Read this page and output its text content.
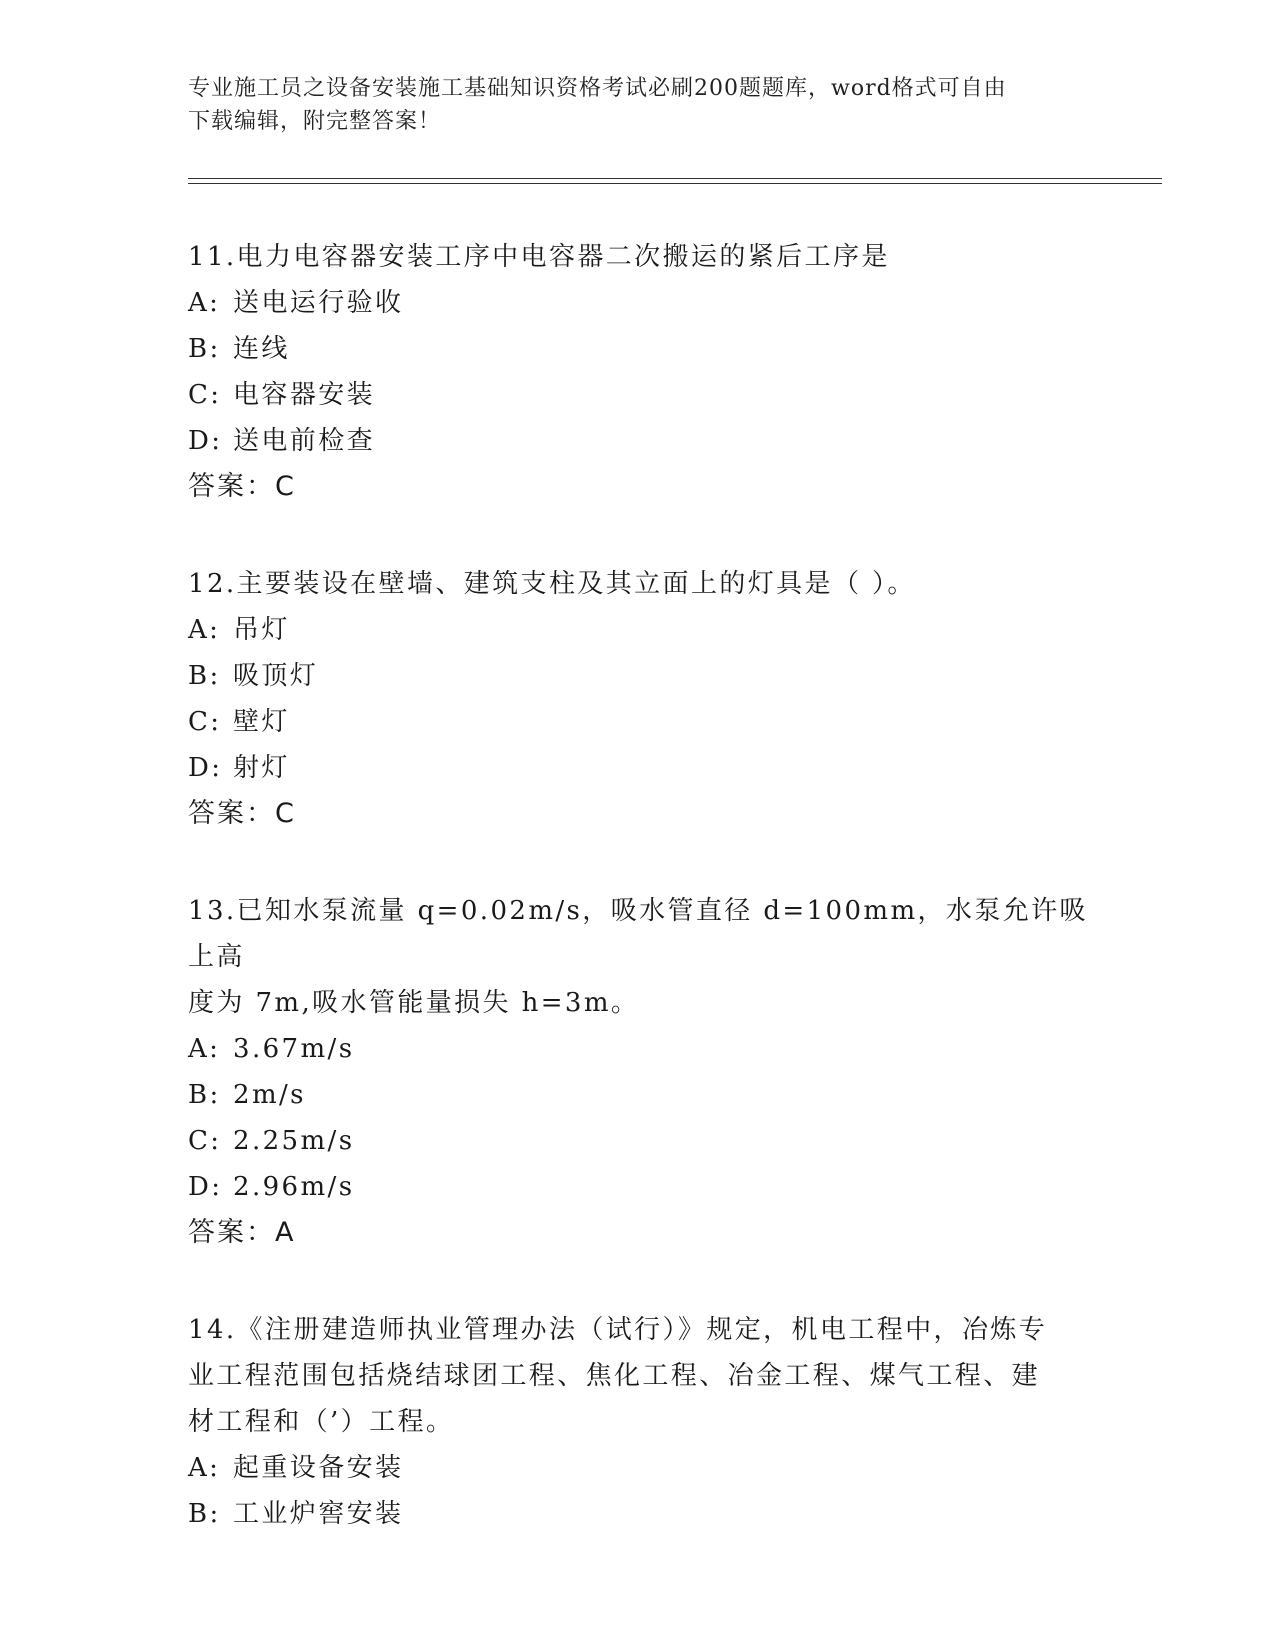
专业施工员之设备安装施工基础知识资格考试必刷200题题库，word格式可自由
下载编辑，附完整答案！
11.电力电容器安装工序中电容器二次搬运的紧后工序是
A: 送电运行验收
B: 连线
C: 电容器安装
D: 送电前检查
答案：C
12.主要装设在壁墙、建筑支柱及其立面上的灯具是（ ）。
A: 吊灯
B: 吸顶灯
C: 壁灯
D: 射灯
答案：C
13.已知水泵流量 q=0.02m/s，吸水管直径 d=100mm，水泵允许吸上高
度为 7m,吸水管能量损失 h=3m。
A: 3.67m/s
B: 2m/s
C: 2.25m/s
D: 2.96m/s
答案：A
14.《注册建造师执业管理办法（试行）》规定，机电工程中，冶炼专
业工程范围包括烧结球团工程、焦化工程、冶金工程、煤气工程、建
材工程和（’）工程。
A: 起重设备安装
B: 工业炉窖安装
